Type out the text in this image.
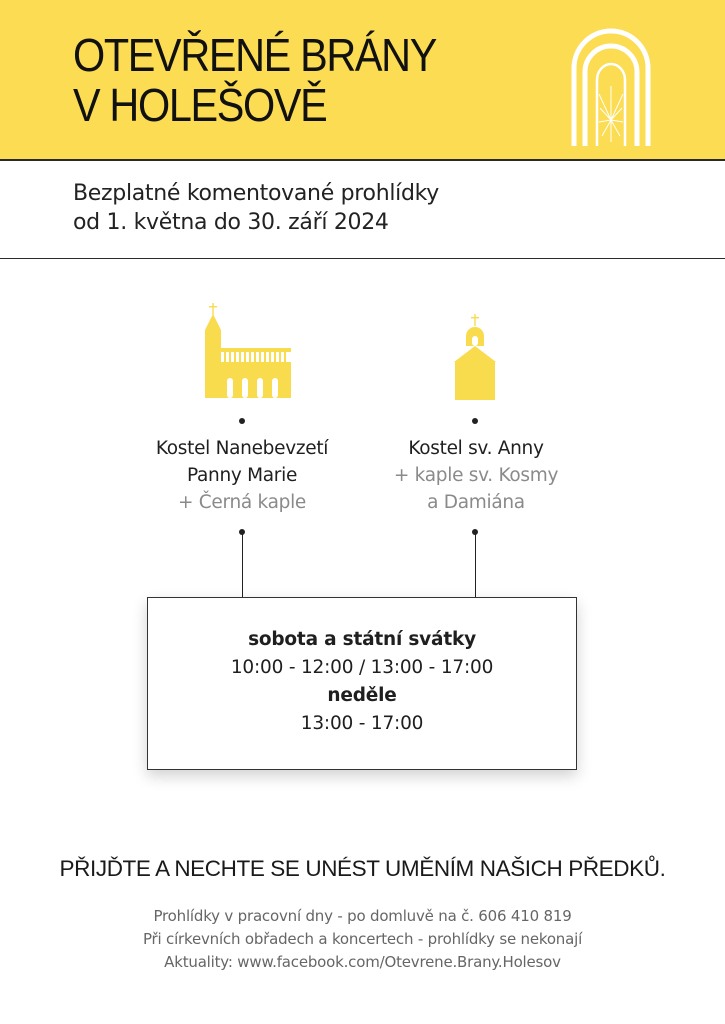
OTEVŘENÉ BRÁNY
V HOLEŠOVĚ
Bezplatné komentované prohlídky
od 1. května do 30. září 2024
Kostel Nanebevzetí
Panny Marie
+ Černá kaple
Kostel sv. Anny
+ kaple sv. Kosmy
a Damiána
sobota a státní svátky
10:00 - 12:00 / 13:00 - 17:00
neděle
13:00 - 17:00
PŘIJĎTE A NECHTE SE UNÉST UMĚNÍM NAŠICH PŘEDKŮ.
Prohlídky v pracovní dny - po domluvě na č. 606 410 819
Při církevních obřadech a koncertech - prohlídky se nekonají
Aktuality: www.facebook.com/Otevrene.Brany.Holesov
